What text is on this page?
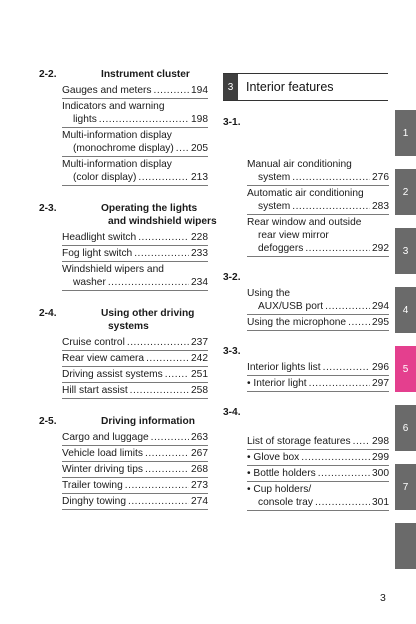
2-2.	Instrument cluster
Gauges and meters .....	194
Indicators and warning
lights .....	198
Multi-information display
(monochrome display) ..... 205
Multi-information display
(color display) .....	213
2-3.	Operating the lights
and windshield wipers
Headlight switch .....	228
Fog light switch .....	233
Windshield wipers and
washer .....	234
2-4.	Using other driving
systems
Cruise control .....	237
Rear view camera .....	242
Driving assist systems .....	251
Hill start assist .....	258
2-5.	Driving information
Cargo and luggage .....	263
Vehicle load limits .....	267
Winter driving tips .....	268
Trailer towing .....	273
Dinghy towing .....	274
3-1.
Manual air conditioning
system .....	276
Automatic air conditioning
system .....	283
Rear window and outside
rear view mirror
defoggers .....	292
3-2.
Using the
AUX/USB port .....	294
Using the microphone .....	295
3-3.
Interior lights list .....	296
• Interior light .....	297
3-4.
List of storage features ..... 298
• Glove box .....	299
• Bottle holders .....	300
• Cup holders/
console tray .....	301
3	Interior features
1
2
3
4
5
6
7
3
